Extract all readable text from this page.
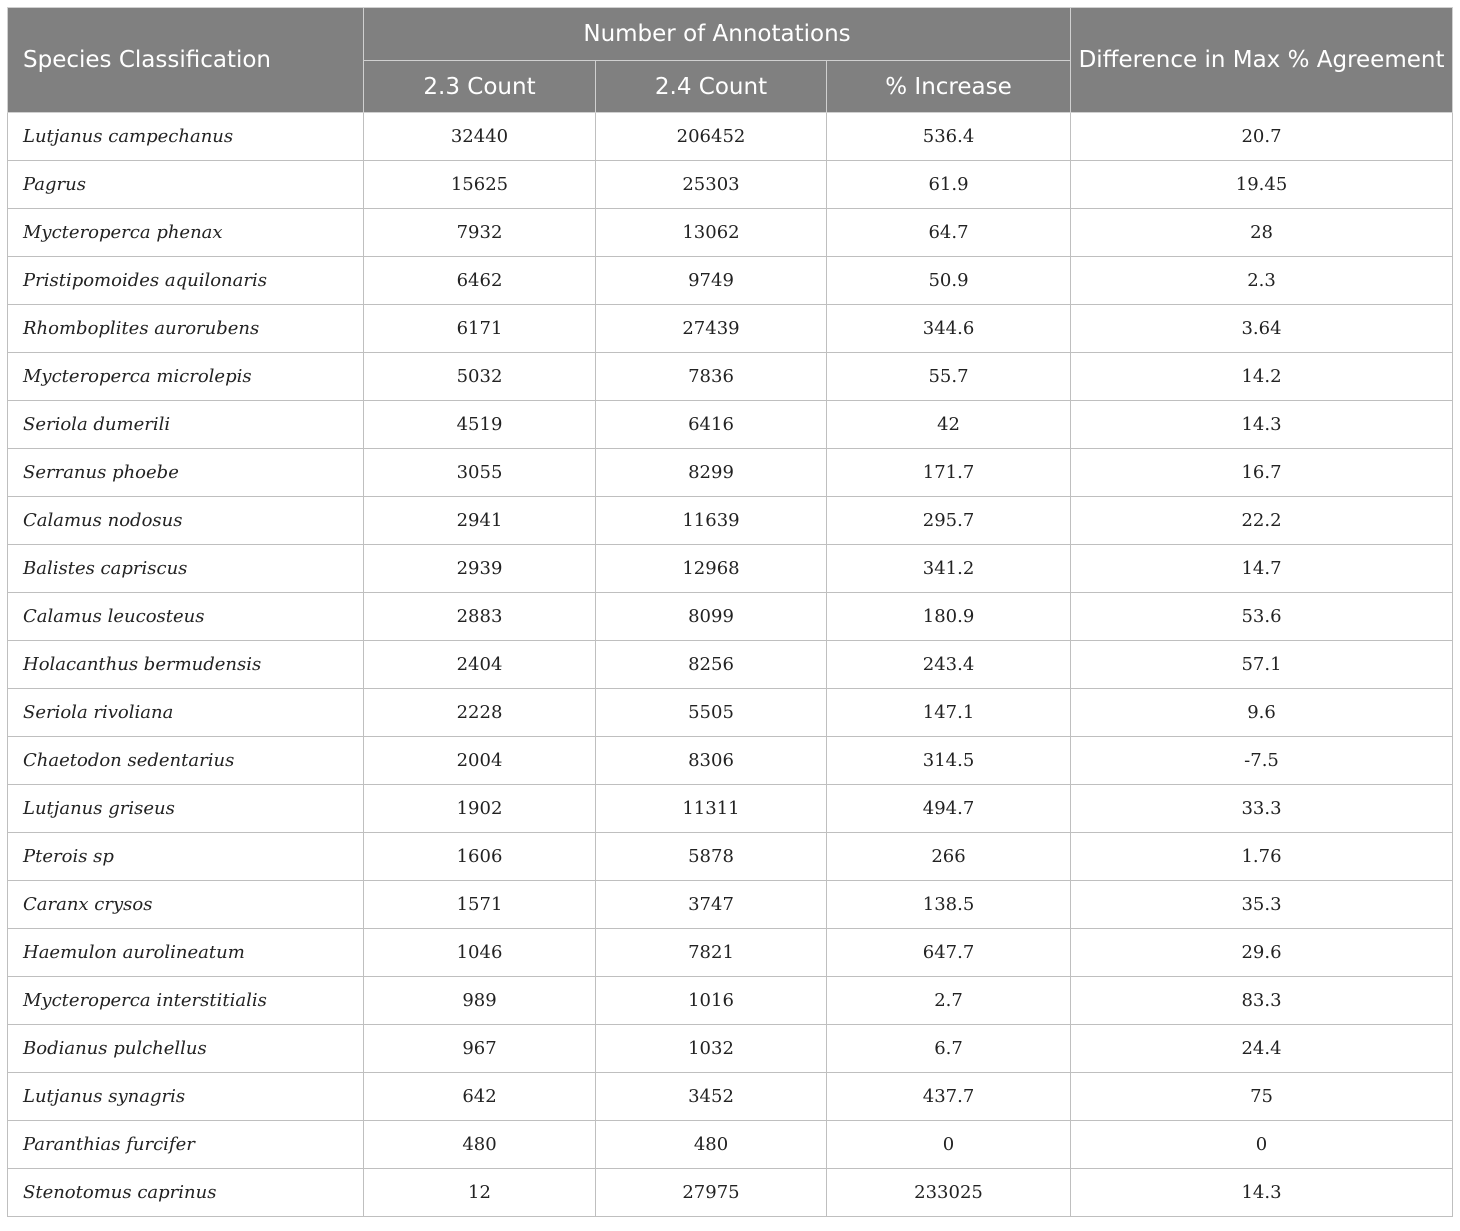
Species Classification	Number of Annotations			Difference in Max % Agreement
	2.3 Count	2.4 Count	% Increase	
Lutjanus campechanus	32440	206452	536.4	20.7
Pagrus	15625	25303	61.9	19.45
Mycteroperca phenax	7932	13062	64.7	28
Pristipomoides aquilonaris	6462	9749	50.9	2.3
Rhomboplites aurorubens	6171	27439	344.6	3.64
Mycteroperca microlepis	5032	7836	55.7	14.2
Seriola dumerili	4519	6416	42	14.3
Serranus phoebe	3055	8299	171.7	16.7
Calamus nodosus	2941	11639	295.7	22.2
Balistes capriscus	2939	12968	341.2	14.7
Calamus leucosteus	2883	8099	180.9	53.6
Holacanthus bermudensis	2404	8256	243.4	57.1
Seriola rivoliana	2228	5505	147.1	9.6
Chaetodon sedentarius	2004	8306	314.5	-7.5
Lutjanus griseus	1902	11311	494.7	33.3
Pterois sp	1606	5878	266	1.76
Caranx crysos	1571	3747	138.5	35.3
Haemulon aurolineatum	1046	7821	647.7	29.6
Mycteroperca interstitialis	989	1016	2.7	83.3
Bodianus pulchellus	967	1032	6.7	24.4
Lutjanus synagris	642	3452	437.7	75
Paranthias furcifer	480	480	0	0
Stenotomus caprinus	12	27975	233025	14.3
